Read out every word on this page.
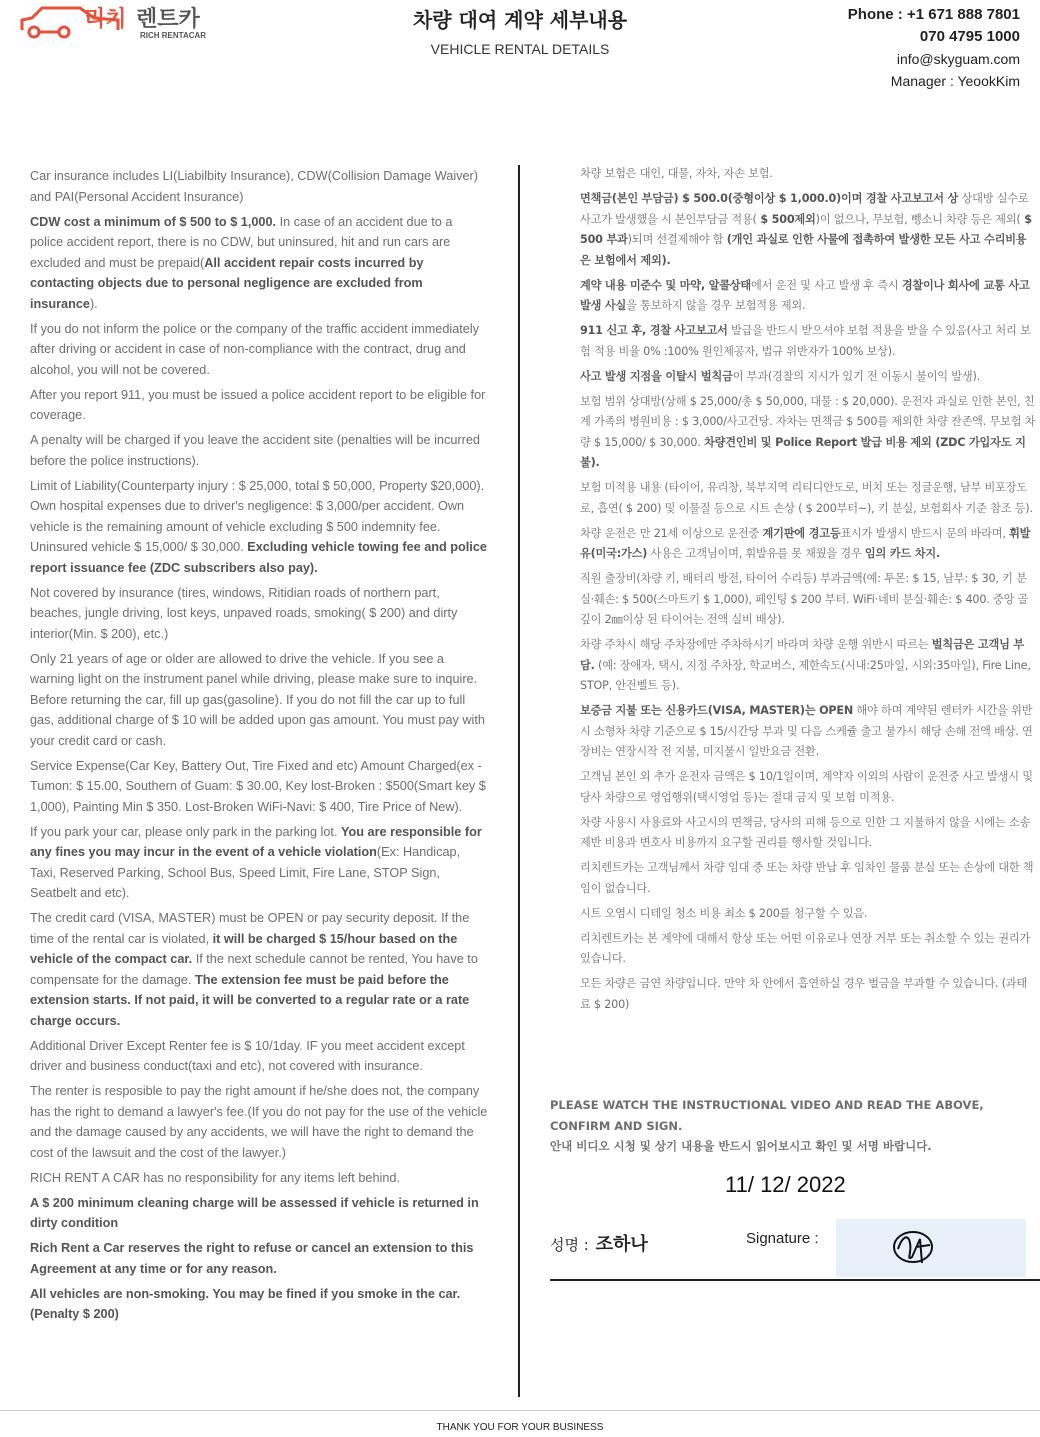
리치 렌트카
RICH RENTACAR
차량 대여 계약 세부내용
VEHICLE RENTAL DETAILS
Phone : +1 671 888 7801
070 4795 1000
info@skyguam.com
Manager : YeookKim

Car insurance includes LI(Liabilbity Insurance), CDW(Collision Damage Waiver) and PAI(Personal Accident Insurance)

CDW cost a minimum of $ 500 to $ 1,000. In case of an accident due to a police accident report, there is no CDW, but uninsured, hit and run cars are excluded and must be prepaid(All accident repair costs incurred by contacting objects due to personal negligence are excluded from insurance).

If you do not inform the police or the company of the traffic accident immediately after driving or accident in case of non-compliance with the contract, drug and alcohol, you will not be covered.

After you report 911, you must be issued a police accident report to be eligible for coverage.

A penalty will be charged if you leave the accident site (penalties will be incurred before the police instructions).

Limit of Liability(Counterparty injury : $ 25,000, total $ 50,000, Property $20,000). Own hospital expenses due to driver's negligence: $ 3,000/per accident. Own vehicle is the remaining amount of vehicle excluding $ 500 indemnity fee. Uninsured vehicle $ 15,000/ $ 30,000. Excluding vehicle towing fee and police report issuance fee (ZDC subscribers also pay).

Not covered by insurance (tires, windows, Ritidian roads of northern part, beaches, jungle driving, lost keys, unpaved roads, smoking( $ 200) and dirty interior(Min. $ 200), etc.)

Only 21 years of age or older are allowed to drive the vehicle. If you see a warning light on the instrument panel while driving, please make sure to inquire. Before returning the car, fill up gas(gasoline). If you do not fill the car up to full gas, additional charge of $ 10 will be added upon gas amount. You must pay with your credit card or cash.

Service Expense(Car Key, Battery Out, Tire Fixed and etc) Amount Charged(ex - Tumon: $ 15.00, Southern of Guam: $ 30.00, Key lost-Broken : $500(Smart key $ 1,000), Painting Min $ 350. Lost-Broken WiFi-Navi: $ 400, Tire Price of New).

If you park your car, please only park in the parking lot. You are responsible for any fines you may incur in the event of a vehicle violation(Ex: Handicap, Taxi, Reserved Parking, School Bus, Speed Limit, Fire Lane, STOP Sign, Seatbelt and etc).

The credit card (VISA, MASTER) must be OPEN or pay security deposit. If the time of the rental car is violated, it will be charged $ 15/hour based on the vehicle of the compact car. If the next schedule cannot be rented, You have to compensate for the damage. The extension fee must be paid before the extension starts. If not paid, it will be converted to a regular rate or a rate charge occurs.

Additional Driver Except Renter fee is $ 10/1day. IF you meet accident except driver and business conduct(taxi and etc), not covered with insurance.

The renter is resposible to pay the right amount if he/she does not, the company has the right to demand a lawyer's fee.(If you do not pay for the use of the vehicle and the damage caused by any accidents, we will have the right to demand the cost of the lawsuit and the cost of the lawyer.)

RICH RENT A CAR has no responsibility for any items left behind.

A $ 200 minimum cleaning charge will be assessed if vehicle is returned in dirty condition

Rich Rent a Car reserves the right to refuse or cancel an extension to this Agreement at any time or for any reason.

All vehicles are non-smoking. You may be fined if you smoke in the car. (Penalty $ 200)

차량 보험은 대인, 대물, 자차, 자손 보험.

면책금(본인 부담금) $ 500.0(중형이상 $ 1,000.0)이며 경찰 사고보고서 상 상대방 실수로 사고가 발생했을 시 본인부담금 적용( $ 500제외)이 없으나, 무보험, 뺑소니 차량 등은 제외( $ 500 부과)되며 선결제해야 함 (개인 과실로 인한 사물에 접촉하여 발생한 모든 사고 수리비용은 보험에서 제외).

계약 내용 미준수 및 마약, 알콜상태에서 운전 및 사고 발생 후 즉시 경찰이나 회사에 교통 사고 발생 사실을 통보하지 않을 경우 보험적용 제외.

911 신고 후, 경찰 사고보고서 발급을 반드시 받으셔야 보험 적용을 받을 수 있음(사고 처리 보험 적용 비율 0% :100% 원인제공자, 법규 위반자가 100% 보상).

사고 발생 지점을 이탈시 벌칙금이 부과(경찰의 지시가 있기 전 이동시 불이익 발생).

보험 범위 상대방(상해 $ 25,000/총 $ 50,000, 대물 : $ 20,000). 운전자 과실로 인한 본인, 친계 가족의 병원비용 : $ 3,000/사고건당. 자차는 면책금 $ 500를 제외한 차량 잔존액. 무보험 차량 $ 15,000/ $ 30,000. 차량견인비 및 Police Report 발급 비용 제외 (ZDC 가입자도 지불).

보험 미적용 내용 (타이어, 유리창, 북부지역 리티디안도로, 비치 또는 정글운행, 남부 비포장도로, 흡연( $ 200) 및 이물질 등으로 시트 손상 ( $ 200부터~), 키 분실, 보험회사 기준 참조 등).

차량 운전은 만 21세 이상으로 운전중 계기판에 경고등표시가 발생시 반드시 문의 바라며, 휘발유(미국:가스) 사용은 고객님이며, 휘발유를 못 채웠을 경우 임의 카드 차지.

직원 출장비(차량 키, 배터리 방전, 타이어 수리등) 부과금액(예: 투몬: $ 15, 남부: $ 30, 키 분실·훼손: $ 500(스마트키 $ 1,000), 페인팅 $ 200 부터. WiFi·네비 분실·훼손: $ 400. 중앙 골 깊이 2㎜이상 된 타이어는 전액 실비 배상).

차량 주차시 해당 주차장에만 주차하시기 바라며 차량 운행 위반시 따르는 벌칙금은 고객님 부담. (예: 장애자, 택시, 지정 주차장, 학교버스, 제한속도(시내:25마일, 시외:35마일), Fire Line, STOP, 안전벨트 등).

보증금 지불 또는 신용카드(VISA, MASTER)는 OPEN 해야 하며 계약된 렌터카 시간을 위반시 소형차 차량 기준으로 $ 15/시간당 부과 및 다음 스케쥴 출고 불가시 해당 손해 전액 배상. 연장비는 연장시작 전 지불, 미지불시 일반요금 전환.

고객님 본인 외 추가 운전자 금액은 $ 10/1일이며, 계약자 이외의 사람이 운전중 사고 발생시 및 당사 차량으로 영업행위(택시영업 등)는 절대 금지 및 보험 미적용.

차량 사용시 사용료와 사고시의 면책금, 당사의 피해 등으로 인한 그 지불하지 않을 시에는 소송제반 비용과 변호사 비용까지 요구할 권리를 행사할 것입니다.

리치렌트카는 고객님께서 차량 임대 중 또는 차량 반납 후 임차인 물품 분실 또는 손상에 대한 책임이 없습니다.

시트 오염시 디테일 청소 비용 최소 $ 200를 청구할 수 있음.

리치렌트카는 본 계약에 대해서 항상 또는 어떤 이유로나 연장 거부 또는 취소할 수 있는 권리가 있습니다.

모든 차량은 금연 차량입니다. 만약 차 안에서 흡연하실 경우 벌금을 부과할 수 있습니다. (과태료 $ 200)

PLEASE WATCH THE INSTRUCTIONAL VIDEO AND READ THE ABOVE, CONFIRM AND SIGN.
안내 비디오 시청 및 상기 내용을 반드시 읽어보시고 확인 및 서명 바랍니다.
11/ 12/ 2022
성명 : 조하나	Signature :
THANK YOU FOR YOUR BUSINESS
